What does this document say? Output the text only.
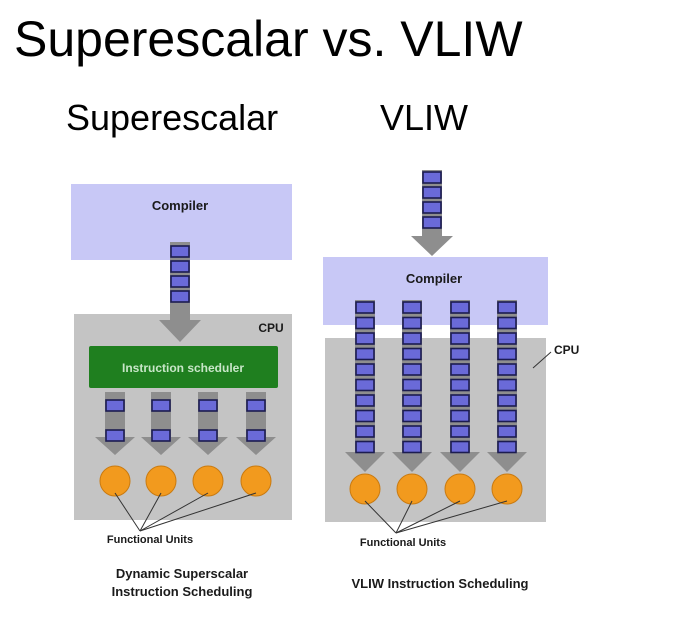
Superescalar vs. VLIW
Superescalar	VLIW
Compiler
CPU
Instruction scheduler
Functional Units
Dynamic Superscalar
Instruction Scheduling
Compiler
CPU
Functional Units
VLIW Instruction Scheduling
